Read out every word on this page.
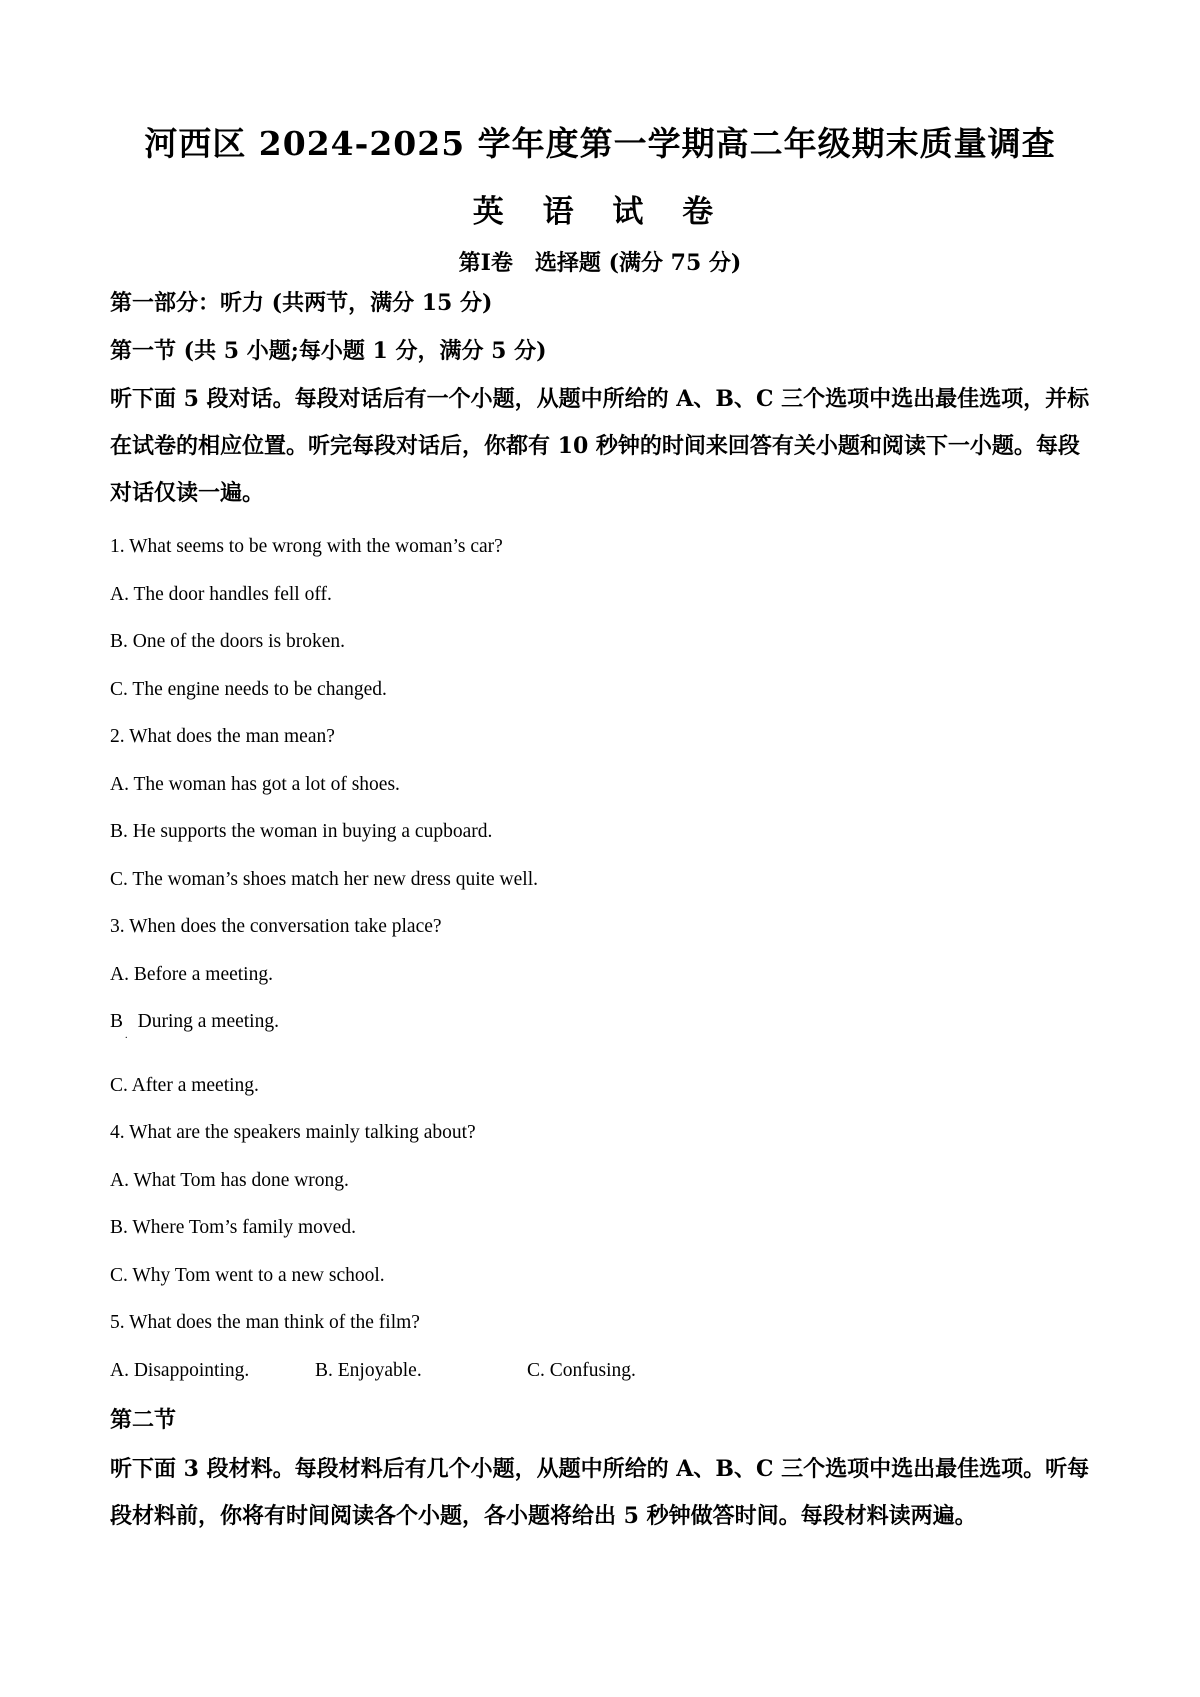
河西区 2024-2025 学年度第一学期高二年级期末质量调查
英 语 试 卷
第Ⅰ卷　选择题 (满分 75 分)
第一部分：听力 (共两节，满分 15 分)
第一节 (共 5 小题;每小题 1 分，满分 5 分)
听下面 5 段对话。每段对话后有一个小题，从题中所给的 A、B、C 三个选项中选出最佳选项，并标在试卷的相应位置。听完每段对话后，你都有 10 秒钟的时间来回答有关小题和阅读下一小题。每段对话仅读一遍。
1. What seems to be wrong with the woman’s car?
A. The door handles fell off.
B. One of the doors is broken.
C. The engine needs to be changed.
2. What does the man mean?
A. The woman has got a lot of shoes.
B. He supports the woman in buying a cupboard.
C. The woman’s shoes match her new dress quite well.
3. When does the conversation take place?
A. Before a meeting.
B   During a meeting.
.
C. After a meeting.
4. What are the speakers mainly talking about?
A. What Tom has done wrong.
B. Where Tom’s family moved.
C. Why Tom went to a new school.
5. What does the man think of the film?
A. Disappointing.	B. Enjoyable.	C. Confusing.
第二节
听下面 3 段材料。每段材料后有几个小题，从题中所给的 A、B、C 三个选项中选出最佳选项。听每段材料前，你将有时间阅读各个小题，各小题将给出 5 秒钟做答时间。每段材料读两遍。
